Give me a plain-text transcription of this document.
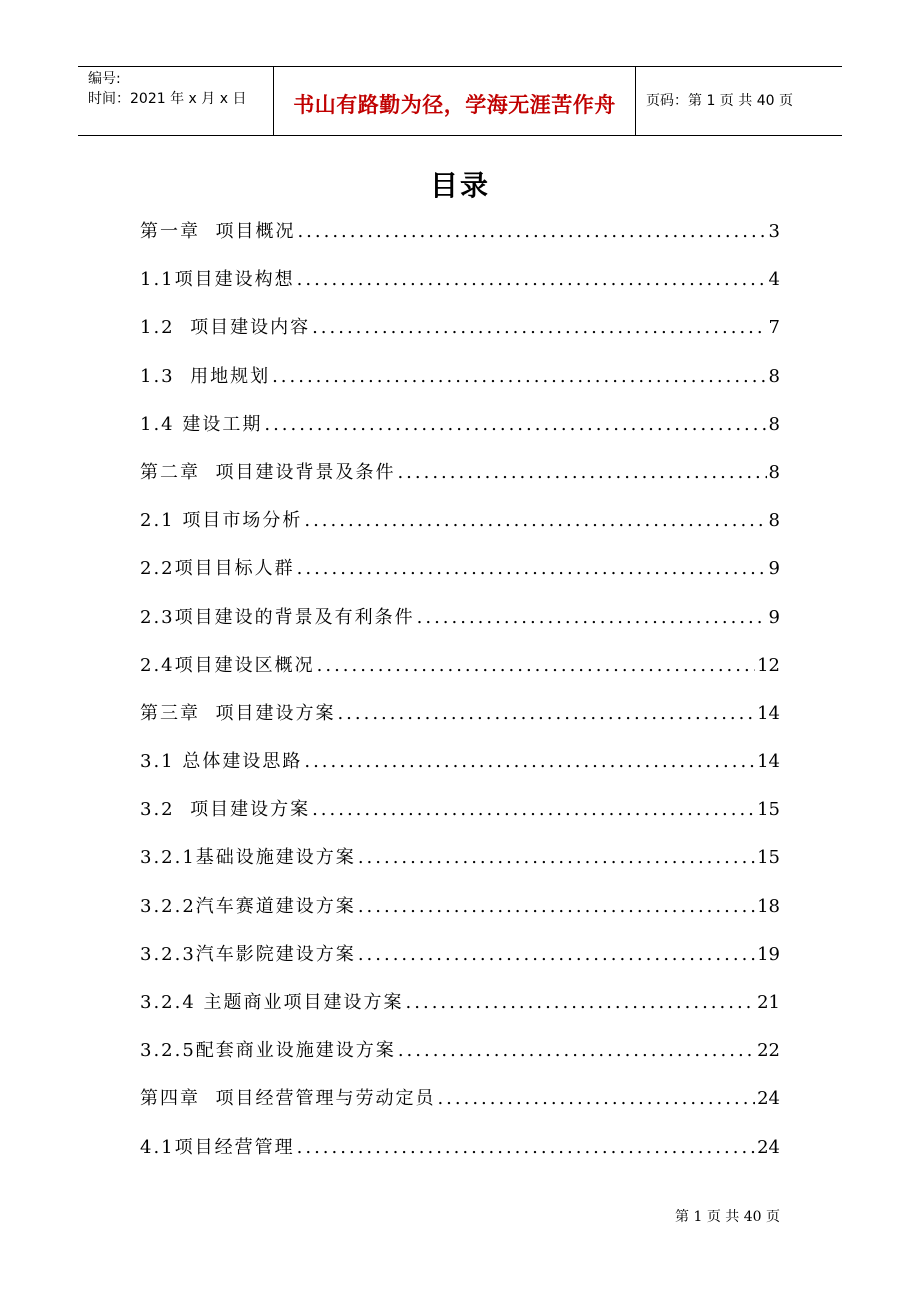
编号:
时间：2021 年 x 月 x 日	书山有路勤为径，学海无涯苦作舟	页码：第 1 页 共 40 页
目录
第一章  项目概况 .....	3
1.1项目建设构想 .....	4
1.2  项目建设内容 .....	7
1.3  用地规划 .....	8
1.4 建设工期 .....	8
第二章  项目建设背景及条件 .....	8
2.1 项目市场分析 .....	8
2.2项目目标人群 .....	9
2.3项目建设的背景及有利条件 .....	9
2.4项目建设区概况 .....	12
第三章  项目建设方案 .....	14
3.1 总体建设思路 .....	14
3.2  项目建设方案 .....	15
3.2.1基础设施建设方案 .....	15
3.2.2汽车赛道建设方案 .....	18
3.2.3汽车影院建设方案 .....	19
3.2.4 主题商业项目建设方案 .....	21
3.2.5配套商业设施建设方案 .....	22
第四章  项目经营管理与劳动定员 .....	24
4.1项目经营管理 .....	24
第 1 页 共 40 页
